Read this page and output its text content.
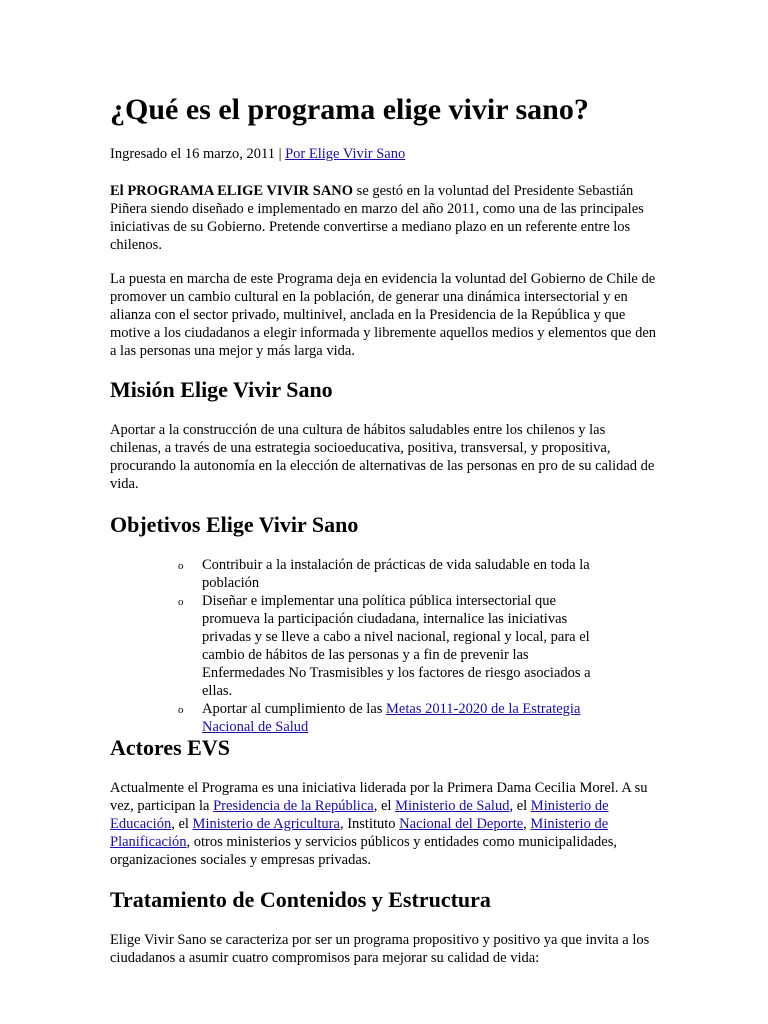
¿Qué es el programa elige vivir sano?
Ingresado el 16 marzo, 2011 | Por Elige Vivir Sano

El PROGRAMA ELIGE VIVIR SANO se gestó en la voluntad del Presidente Sebastián Piñera siendo diseñado e implementado en marzo del año 2011, como una de las principales iniciativas de su Gobierno. Pretende convertirse a mediano plazo en un referente entre los chilenos.

La puesta en marcha de este Programa deja en evidencia la voluntad del Gobierno de Chile de promover un cambio cultural en la población, de generar una dinámica intersectorial y en alianza con el sector privado, multinivel, anclada en la Presidencia de la República y que motive a los ciudadanos a elegir informada y libremente aquellos medios y elementos que den a las personas una mejor y más larga vida.

Misión Elige Vivir Sano

Aportar a la construcción de una cultura de hábitos saludables entre los chilenos y las chilenas, a través de una estrategia socioeducativa, positiva, transversal, y propositiva, procurando la autonomía en la elección de alternativas de las personas en pro de su calidad de vida.

Objetivos Elige Vivir Sano
o Contribuir a la instalación de prácticas de vida saludable en toda la población
o Diseñar e implementar una política pública intersectorial que promueva la participación ciudadana, internalice las iniciativas privadas y se lleve a cabo a nivel nacional, regional y local, para el cambio de hábitos de las personas y a fin de prevenir las Enfermedades No Trasmisibles y los factores de riesgo asociados a ellas.
o Aportar al cumplimiento de las Metas 2011-2020 de la Estrategia Nacional de Salud
Actores EVS

Actualmente el Programa es una iniciativa liderada por la Primera Dama Cecilia Morel. A su vez, participan la Presidencia de la República, el Ministerio de Salud, el Ministerio de Educación, el Ministerio de Agricultura, Instituto Nacional del Deporte, Ministerio de Planificación, otros ministerios y servicios públicos y entidades como municipalidades, organizaciones sociales y empresas privadas.

Tratamiento de Contenidos y Estructura

Elige Vivir Sano se caracteriza por ser un programa propositivo y positivo ya que invita a los ciudadanos a asumir cuatro compromisos para mejorar su calidad de vida:
